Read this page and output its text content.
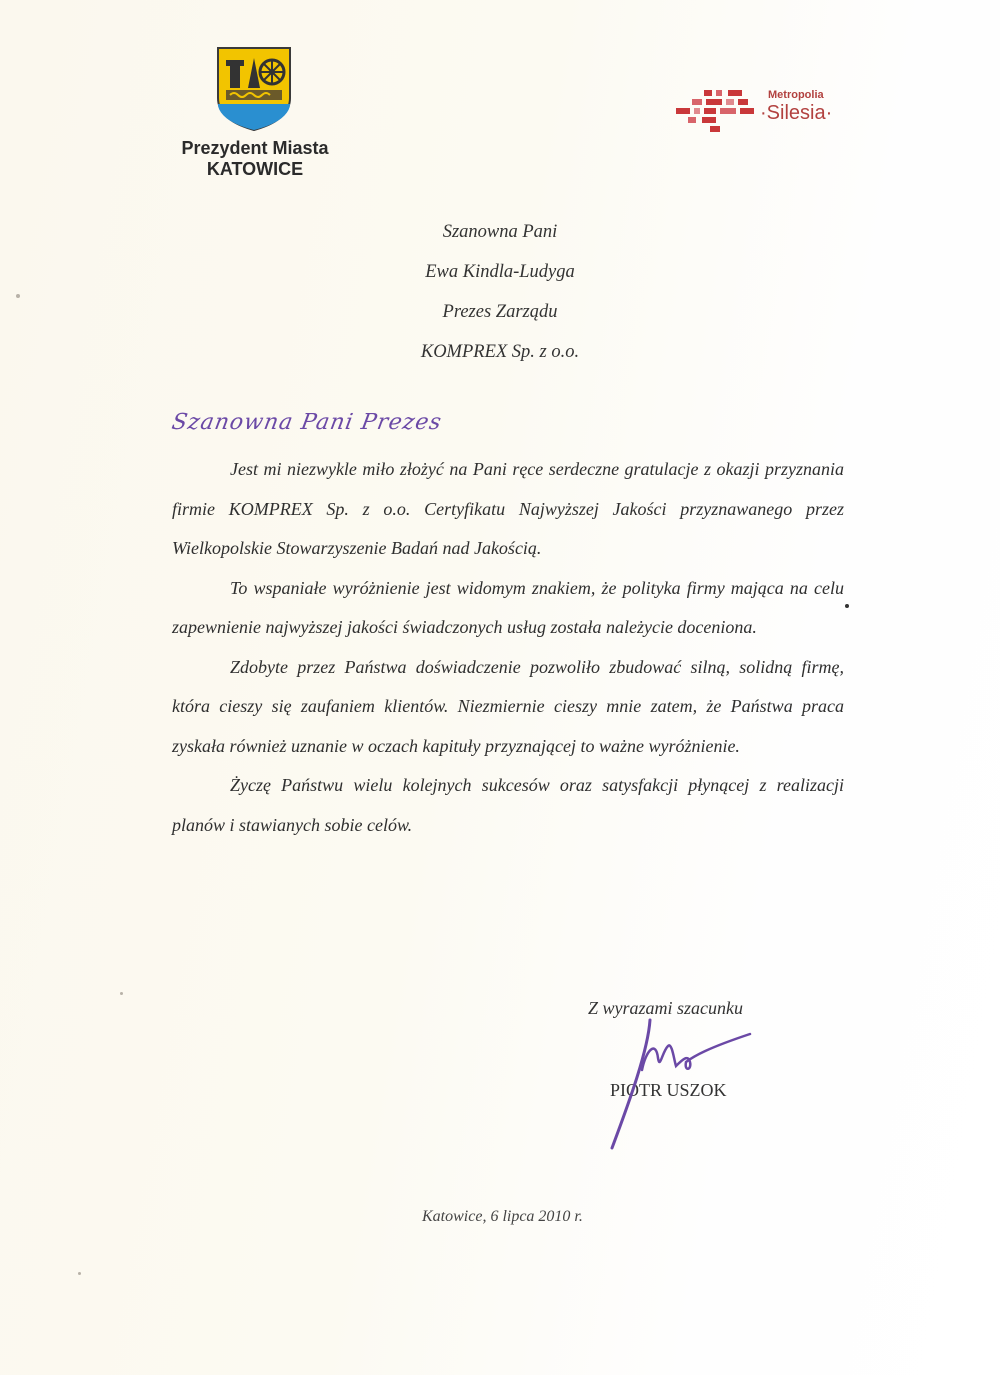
Prezydent Miasta
KATOWICE
Metropolia
·Silesia·
Szanowna Pani
Ewa Kindla-Ludyga
Prezes Zarządu
KOMPREX Sp. z o.o.
Szanowna Pani Prezes

Jest mi niezwykle miło złożyć na Pani ręce serdeczne gratulacje z okazji przyznania firmie KOMPREX Sp. z o.o. Certyfikatu Najwyższej Jakości przyznawanego przez Wielkopolskie Stowarzyszenie Badań nad Jakością.

To wspaniałe wyróżnienie jest widomym znakiem, że polityka firmy mająca na celu zapewnienie najwyższej jakości świadczonych usług została należycie doceniona.

Zdobyte przez Państwa doświadczenie pozwoliło zbudować silną, solidną firmę, która cieszy się zaufaniem klientów. Niezmiernie cieszy mnie zatem, że Państwa praca zyskała również uznanie w oczach kapituły przyznającej to ważne wyróżnienie.

Życzę Państwu wielu kolejnych sukcesów oraz satysfakcji płynącej z realizacji planów i stawianych sobie celów.

Z wyrazami szacunku
PIOTR USZOK
Katowice, 6 lipca 2010 r.
